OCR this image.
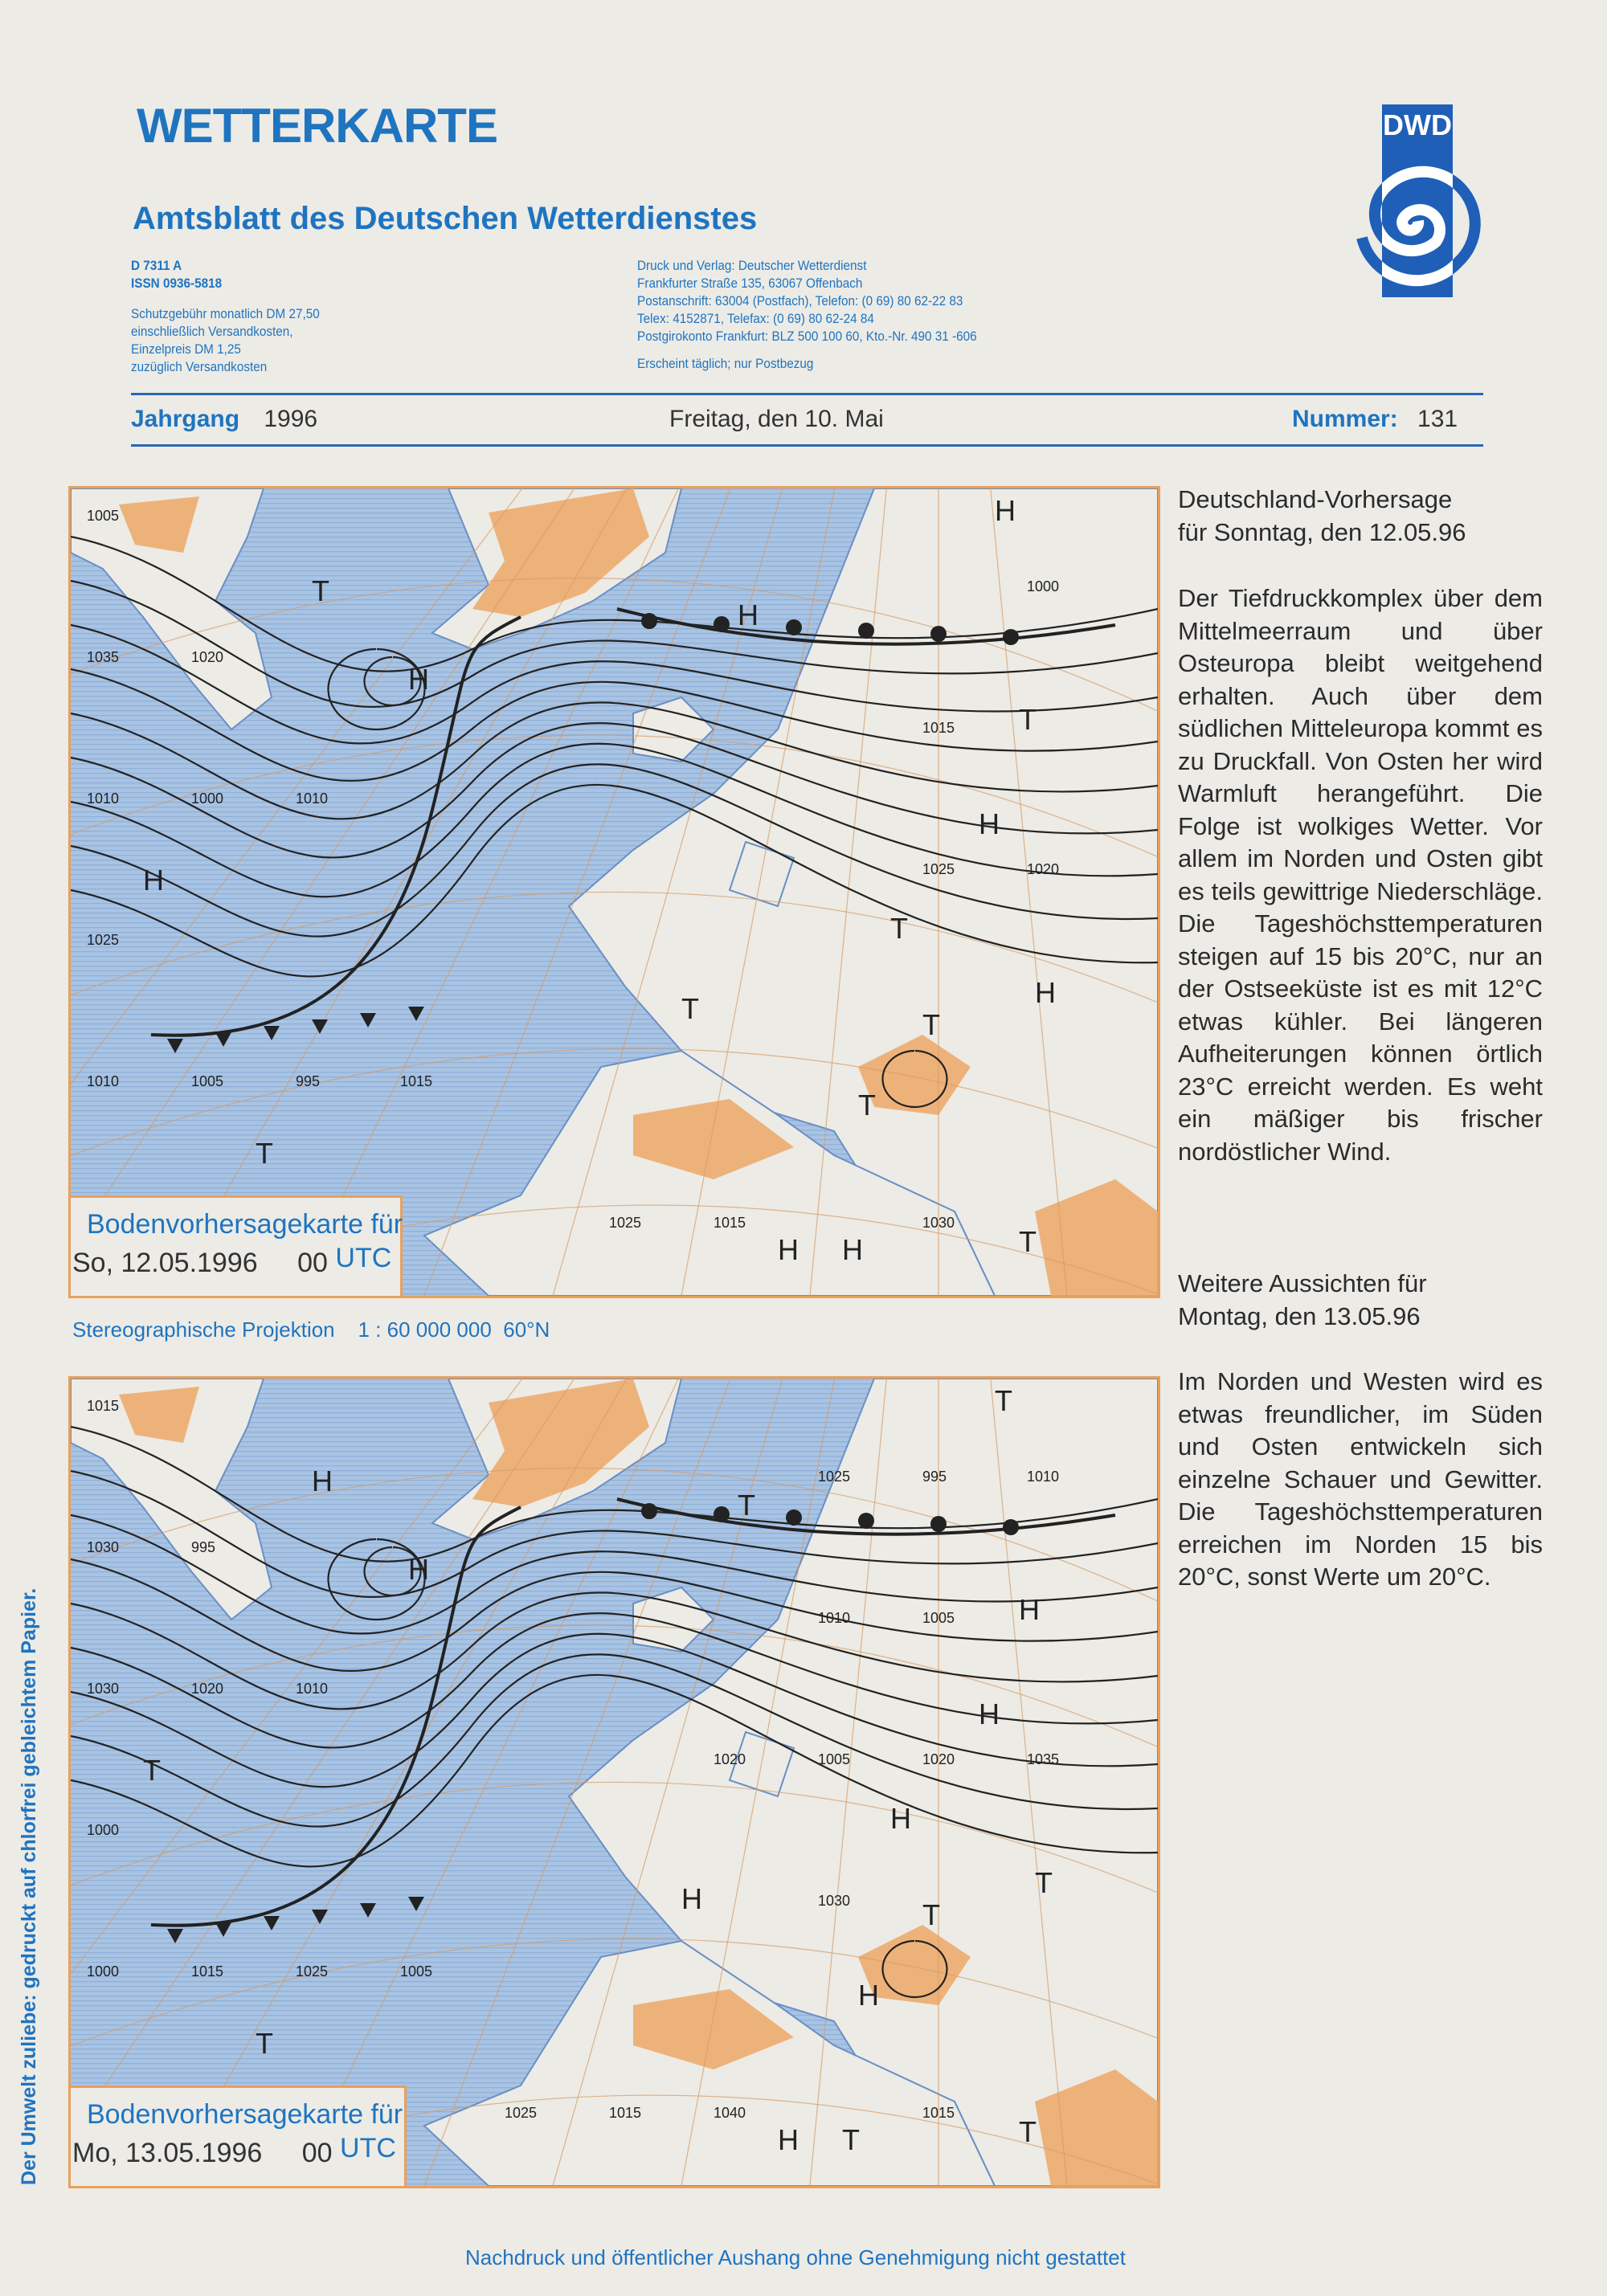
WETTERKARTE
Amtsblatt des Deutschen Wetterdienstes
D 7311 A
ISSN 0936-5818
Schutzgebühr monatlich DM 27,50
einschließlich Versandkosten,
Einzelpreis DM 1,25
zuzüglich Versandkosten
Druck und Verlag: Deutscher Wetterdienst
Frankfurter Straße 135, 63067 Offenbach
Postanschrift: 63004 (Postfach), Telefon: (0 69) 80 62-22 83
Telex: 4152871, Telefax: (0 69) 80 62-24 84
Postgirokonto Frankfurt: BLZ 500 100 60, Kto.-Nr. 490 31 -606
Erscheint täglich; nur Postbezug
DWD
Jahrgang 1996	Freitag, den 10. Mai	Nummer: 131
1005
1010
1015
1020
1025
1030
1000
995
1035
1020
1015
1010
1005
1000
1025
1025
1015
1010
H
T
H
T
H
H
T
H
T
H
T
T
T
H H	T
Bodenvorhersagekarte für
So, 12.05.1996 00 UTC
Stereographische Projektion    1 : 60 000 000  60°N
1015
1010
1005
995
1000
1015
1020
1025
1030
1035
1040
1030
1015
1010
1020
1015
1005
1000
995
1005
1025
1010
1030
1025
1020
T
H
H
T
T
T
H
H
H
T
H
T
H
H T	T
Bodenvorhersagekarte für
Mo, 13.05.1996 00 UTC
Deutschland-Vorhersage
für Sonntag, den 12.05.96
Der Tiefdruckkomplex über dem Mittelmeerraum und über Osteuropa bleibt weitgehend erhalten. Auch über dem südlichen Mitteleuropa kommt es zu Druckfall. Von Osten her wird Warmluft herangeführt. Die Folge ist wolkiges Wetter. Vor allem im Norden und Osten gibt es teils gewittrige Niederschläge. Die Tageshöchsttemperaturen steigen auf 15 bis 20°C, nur an der Ostseeküste ist es mit 12°C etwas kühler. Bei längeren Aufheiterungen können örtlich 23°C erreicht werden. Es weht ein mäßiger bis frischer nordöstlicher Wind.
Weitere Aussichten für
Montag, den 13.05.96
Im Norden und Westen wird es etwas freundlicher, im Süden und Osten entwickeln sich einzelne Schauer und Gewitter. Die Tageshöchsttemperaturen erreichen im Norden 15 bis 20°C, sonst Werte um 20°C.
Der Umwelt zuliebe: gedruckt auf chlorfrei gebleichtem Papier.
Nachdruck und öffentlicher Aushang ohne Genehmigung nicht gestattet
